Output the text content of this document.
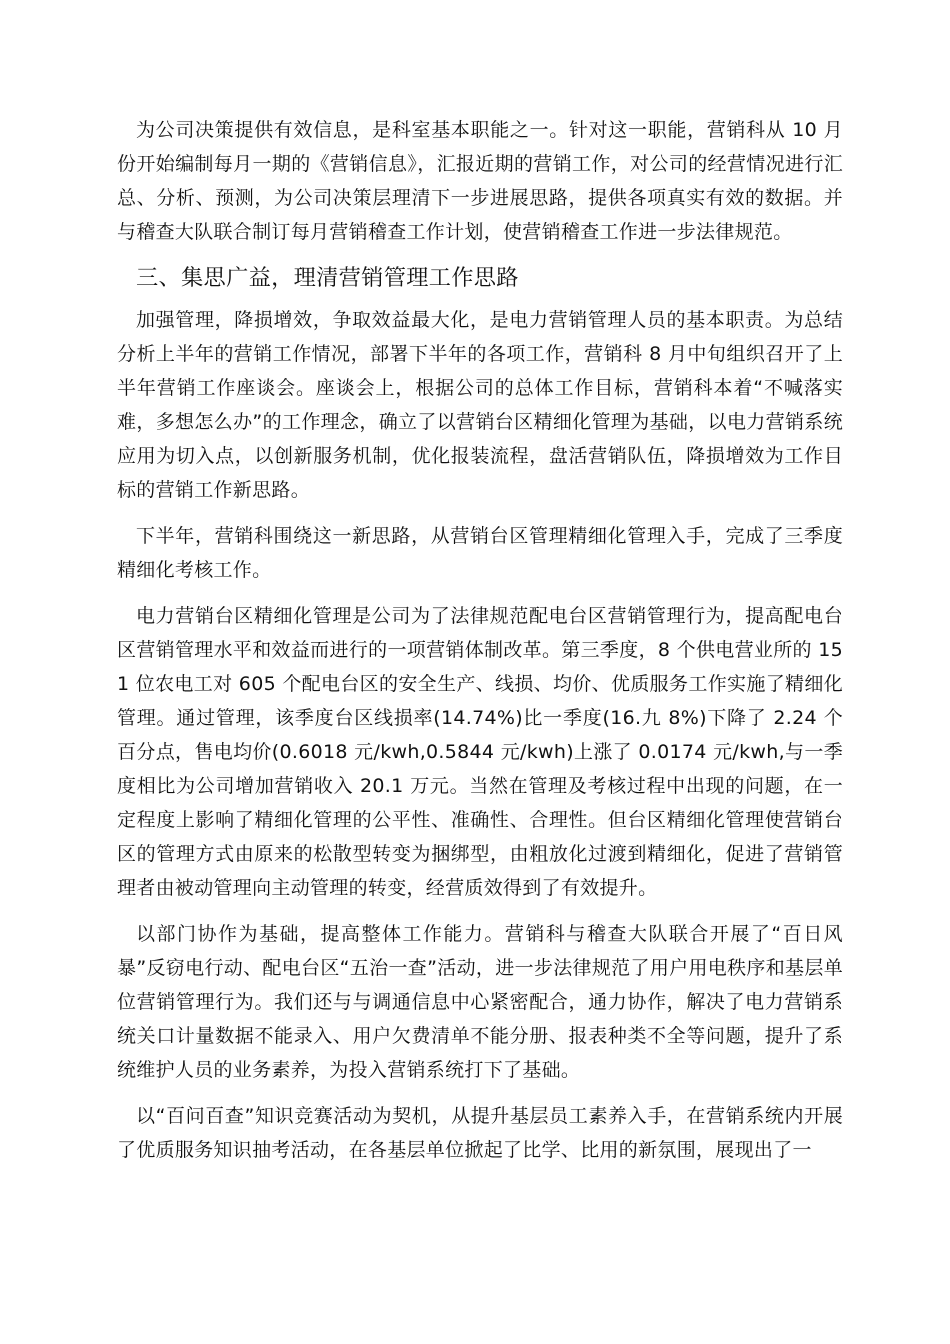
为公司决策提供有效信息，是科室基本职能之一。针对这一职能，营销科从 10 月份开始编制每月一期的《营销信息》，汇报近期的营销工作，对公司的经营情况进行汇总、分析、预测，为公司决策层理清下一步进展思路，提供各项真实有效的数据。并与稽查大队联合制订每月营销稽查工作计划，使营销稽查工作进一步法律规范。

三、集思广益，理清营销管理工作思路

加强管理，降损增效，争取效益最大化，是电力营销管理人员的基本职责。为总结分析上半年的营销工作情况，部署下半年的各项工作，营销科 8 月中旬组织召开了上半年营销工作座谈会。座谈会上，根据公司的总体工作目标，营销科本着“不喊落实难，多想怎么办”的工作理念，确立了以营销台区精细化管理为基础，以电力营销系统应用为切入点，以创新服务机制，优化报装流程，盘活营销队伍，降损增效为工作目标的营销工作新思路。

下半年，营销科围绕这一新思路，从营销台区管理精细化管理入手，完成了三季度精细化考核工作。

电力营销台区精细化管理是公司为了法律规范配电台区营销管理行为，提高配电台区营销管理水平和效益而进行的一项营销体制改革。第三季度，8 个供电营业所的 151 位农电工对 605 个配电台区的安全生产、线损、均价、优质服务工作实施了精细化管理。通过管理，该季度台区线损率(14.74%)比一季度(16.九 8%)下降了 2.24 个百分点，售电均价(0.6018 元/kwh,0.5844 元/kwh)上涨了 0.0174 元/kwh,与一季度相比为公司增加营销收入 20.1 万元。当然在管理及考核过程中出现的问题，在一定程度上影响了精细化管理的公平性、准确性、合理性。但台区精细化管理使营销台区的管理方式由原来的松散型转变为捆绑型，由粗放化过渡到精细化，促进了营销管理者由被动管理向主动管理的转变，经营质效得到了有效提升。

以部门协作为基础，提高整体工作能力。营销科与稽查大队联合开展了“百日风暴”反窃电行动、配电台区“五治一查”活动，进一步法律规范了用户用电秩序和基层单位营销管理行为。我们还与与调通信息中心紧密配合，通力协作，解决了电力营销系统关口计量数据不能录入、用户欠费清单不能分册、报表种类不全等问题，提升了系统维护人员的业务素养，为投入营销系统打下了基础。

以“百问百查”知识竞赛活动为契机，从提升基层员工素养入手，在营销系统内开展了优质服务知识抽考活动，在各基层单位掀起了比学、比用的新氛围，展现出了一
